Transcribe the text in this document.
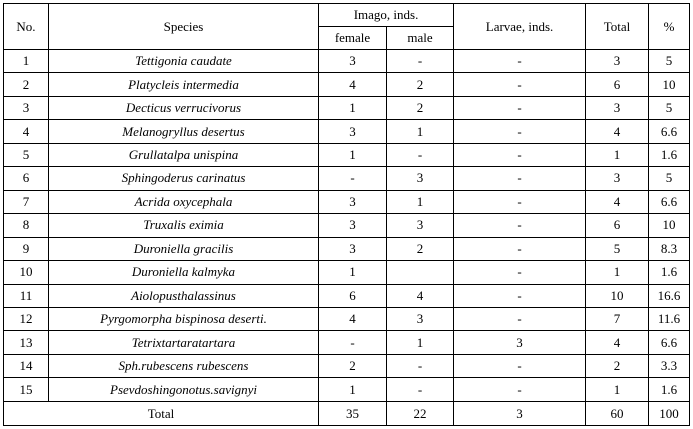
No.	Species	Imago, inds.		Larvae, inds.	Total	%
		female	male			
1	Tettigonia caudate	3	-	-	3	5
2	Platycleis intermedia	4	2	-	6	10
3	Decticus verrucivorus	1	2	-	3	5
4	Melanogryllus desertus	3	1	-	4	6.6
5	Grullatalpa unispina	1	-	-	1	1.6
6	Sphingoderus carinatus	-	3	-	3	5
7	Acrida oxycephala	3	1	-	4	6.6
8	Truxalis eximia	3	3	-	6	10
9	Duroniella gracilis	3	2	-	5	8.3
10	Duroniella kalmyka	1		-	1	1.6
11	Aiolopusthalassinus	6	4	-	10	16.6
12	Pyrgomorpha bispinosa deserti.	4	3	-	7	11.6
13	Tetrixtartaratartara	-	1	3	4	6.6
14	Sph.rubescens rubescens	2	-	-	2	3.3
15	Psevdoshingonotus.savignyi	1	-	-	1	1.6
Total		35	22	3	60	100
